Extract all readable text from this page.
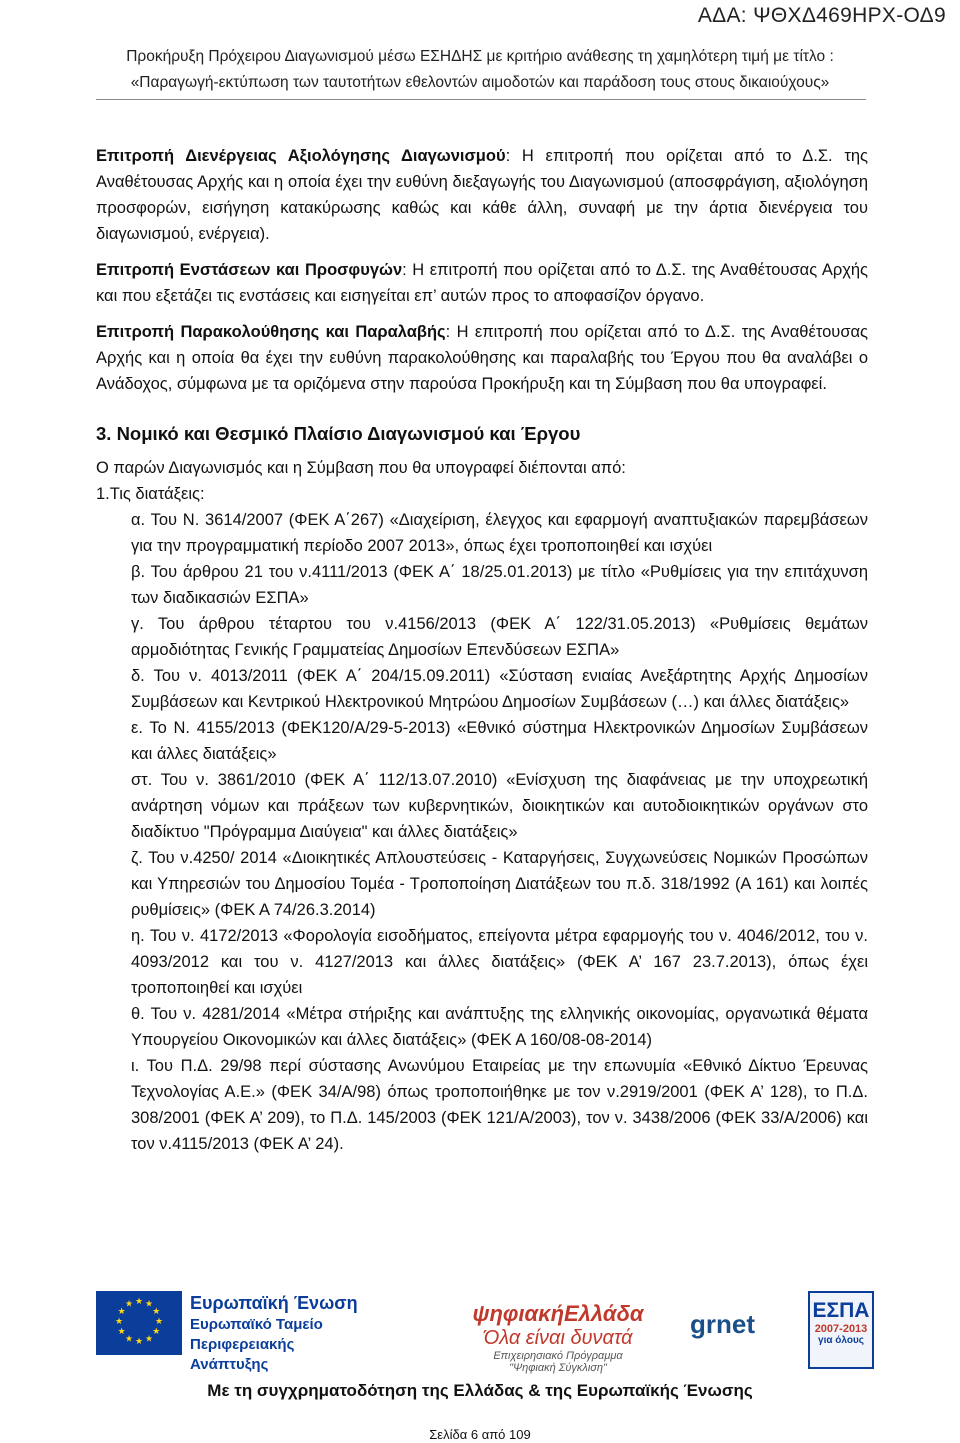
ΑΔΑ: ΨΘΧΔ469ΗΡΧ-ΟΔ9
Προκήρυξη Πρόχειρου Διαγωνισμού μέσω ΕΣΗΔΗΣ με κριτήριο ανάθεσης τη χαμηλότερη τιμή με τίτλο :
«Παραγωγή-εκτύπωση των ταυτοτήτων εθελοντών αιμοδοτών και παράδοση τους στους δικαιούχους»

Επιτροπή Διενέργειας Αξιολόγησης Διαγωνισμού: Η επιτροπή που ορίζεται από το Δ.Σ. της Αναθέτουσας Αρχής και η οποία έχει την ευθύνη διεξαγωγής του Διαγωνισμού (αποσφράγιση, αξιολόγηση προσφορών, εισήγηση κατακύρωσης καθώς και κάθε άλλη, συναφή με την άρτια διενέργεια του διαγωνισμού, ενέργεια).

Επιτροπή Ενστάσεων και Προσφυγών: Η επιτροπή που ορίζεται από το Δ.Σ. της Αναθέτουσας Αρχής και που εξετάζει τις ενστάσεις και εισηγείται επ’ αυτών προς το αποφασίζον όργανο.

Επιτροπή Παρακολούθησης και Παραλαβής: Η επιτροπή που ορίζεται από το Δ.Σ. της Αναθέτουσας Αρχής και η οποία θα έχει την ευθύνη παρακολούθησης και παραλαβής του Έργου που θα αναλάβει ο Ανάδοχος, σύμφωνα με τα οριζόμενα στην παρούσα Προκήρυξη και τη Σύμβαση που θα υπογραφεί.

3. Νομικό και Θεσμικό Πλαίσιο Διαγωνισμού και Έργου

Ο παρών Διαγωνισμός και η Σύμβαση που θα υπογραφεί διέπονται από:

1.Τις διατάξεις:

α. Του Ν. 3614/2007 (ΦΕΚ Α΄267) «Διαχείριση, έλεγχος και εφαρμογή αναπτυξιακών παρεμβάσεων για την προγραμματική περίοδο 2007 2013», όπως έχει τροποποιηθεί και ισχύει

β. Του άρθρου 21 του ν.4111/2013 (ΦΕΚ Α΄ 18/25.01.2013) με τίτλο «Ρυθμίσεις για την επιτάχυνση των διαδικασιών ΕΣΠΑ»

γ. Του άρθρου τέταρτου του ν.4156/2013 (ΦΕΚ Α΄ 122/31.05.2013) «Ρυθμίσεις θεμάτων αρμοδιότητας Γενικής Γραμματείας Δημοσίων Επενδύσεων ΕΣΠΑ»

δ. Του ν. 4013/2011 (ΦΕΚ Α΄ 204/15.09.2011) «Σύσταση ενιαίας Ανεξάρτητης Αρχής Δημοσίων Συμβάσεων και Κεντρικού Ηλεκτρονικού Μητρώου Δημοσίων Συμβάσεων (…) και άλλες διατάξεις»

ε. Το Ν. 4155/2013 (ΦΕΚ120/Α/29-5-2013) «Εθνικό σύστημα Ηλεκτρονικών Δημοσίων Συμβάσεων και άλλες διατάξεις»

στ. Του ν. 3861/2010 (ΦΕΚ Α΄ 112/13.07.2010) «Ενίσχυση της διαφάνειας με την υποχρεωτική ανάρτηση νόμων και πράξεων των κυβερνητικών, διοικητικών και αυτοδιοικητικών οργάνων στο διαδίκτυο "Πρόγραμμα Διαύγεια" και άλλες διατάξεις»

ζ. Του ν.4250/ 2014 «Διοικητικές Απλουστεύσεις - Καταργήσεις, Συγχωνεύσεις Νομικών Προσώπων και Υπηρεσιών του Δημοσίου Τομέα - Τροποποίηση Διατάξεων του π.δ. 318/1992 (Α 161) και λοιπές ρυθμίσεις» (ΦΕΚ Α 74/26.3.2014)

η. Του ν. 4172/2013 «Φορολογία εισοδήματος, επείγοντα μέτρα εφαρμογής του ν. 4046/2012, του ν. 4093/2012 και του ν. 4127/2013 και άλλες διατάξεις» (ΦΕΚ Α’ 167 23.7.2013), όπως έχει τροποποιηθεί και ισχύει

θ. Του ν. 4281/2014 «Μέτρα στήριξης και ανάπτυξης της ελληνικής οικονομίας, οργανωτικά θέματα Υπουργείου Οικονομικών και άλλες διατάξεις» (ΦΕΚ Α 160/08-08-2014)

ι. Του Π.Δ. 29/98 περί σύστασης Ανωνύμου Εταιρείας με την επωνυμία «Εθνικό Δίκτυο Έρευνας Τεχνολογίας Α.Ε.» (ΦΕΚ 34/Α/98) όπως τροποποιήθηκε με τον ν.2919/2001 (ΦΕΚ Α’ 128), το Π.Δ. 308/2001 (ΦΕΚ Α’ 209), το Π.Δ. 145/2003 (ΦΕΚ 121/Α/2003), τον ν. 3438/2006 (ΦΕΚ 33/Α/2006) και τον ν.4115/2013 (ΦΕΚ Α’ 24).

★ ★
★
★
★
★
★
★
★
★
★
★	Ευρωπαϊκή Ένωση
Ευρωπαϊκό Ταμείο
Περιφερειακής
Ανάπτυξης
ψηφιακήΕλλάδα
Όλα είναι δυνατά
Επιχειρησιακό Πρόγραμμα
"Ψηφιακή Σύγκλιση"
grnet	ΕΣΠΑ
2007-2013
για όλους
Με τη συγχρηματοδότηση της Ελλάδας & της Ευρωπαϊκής Ένωσης
Σελίδα 6 από 109
